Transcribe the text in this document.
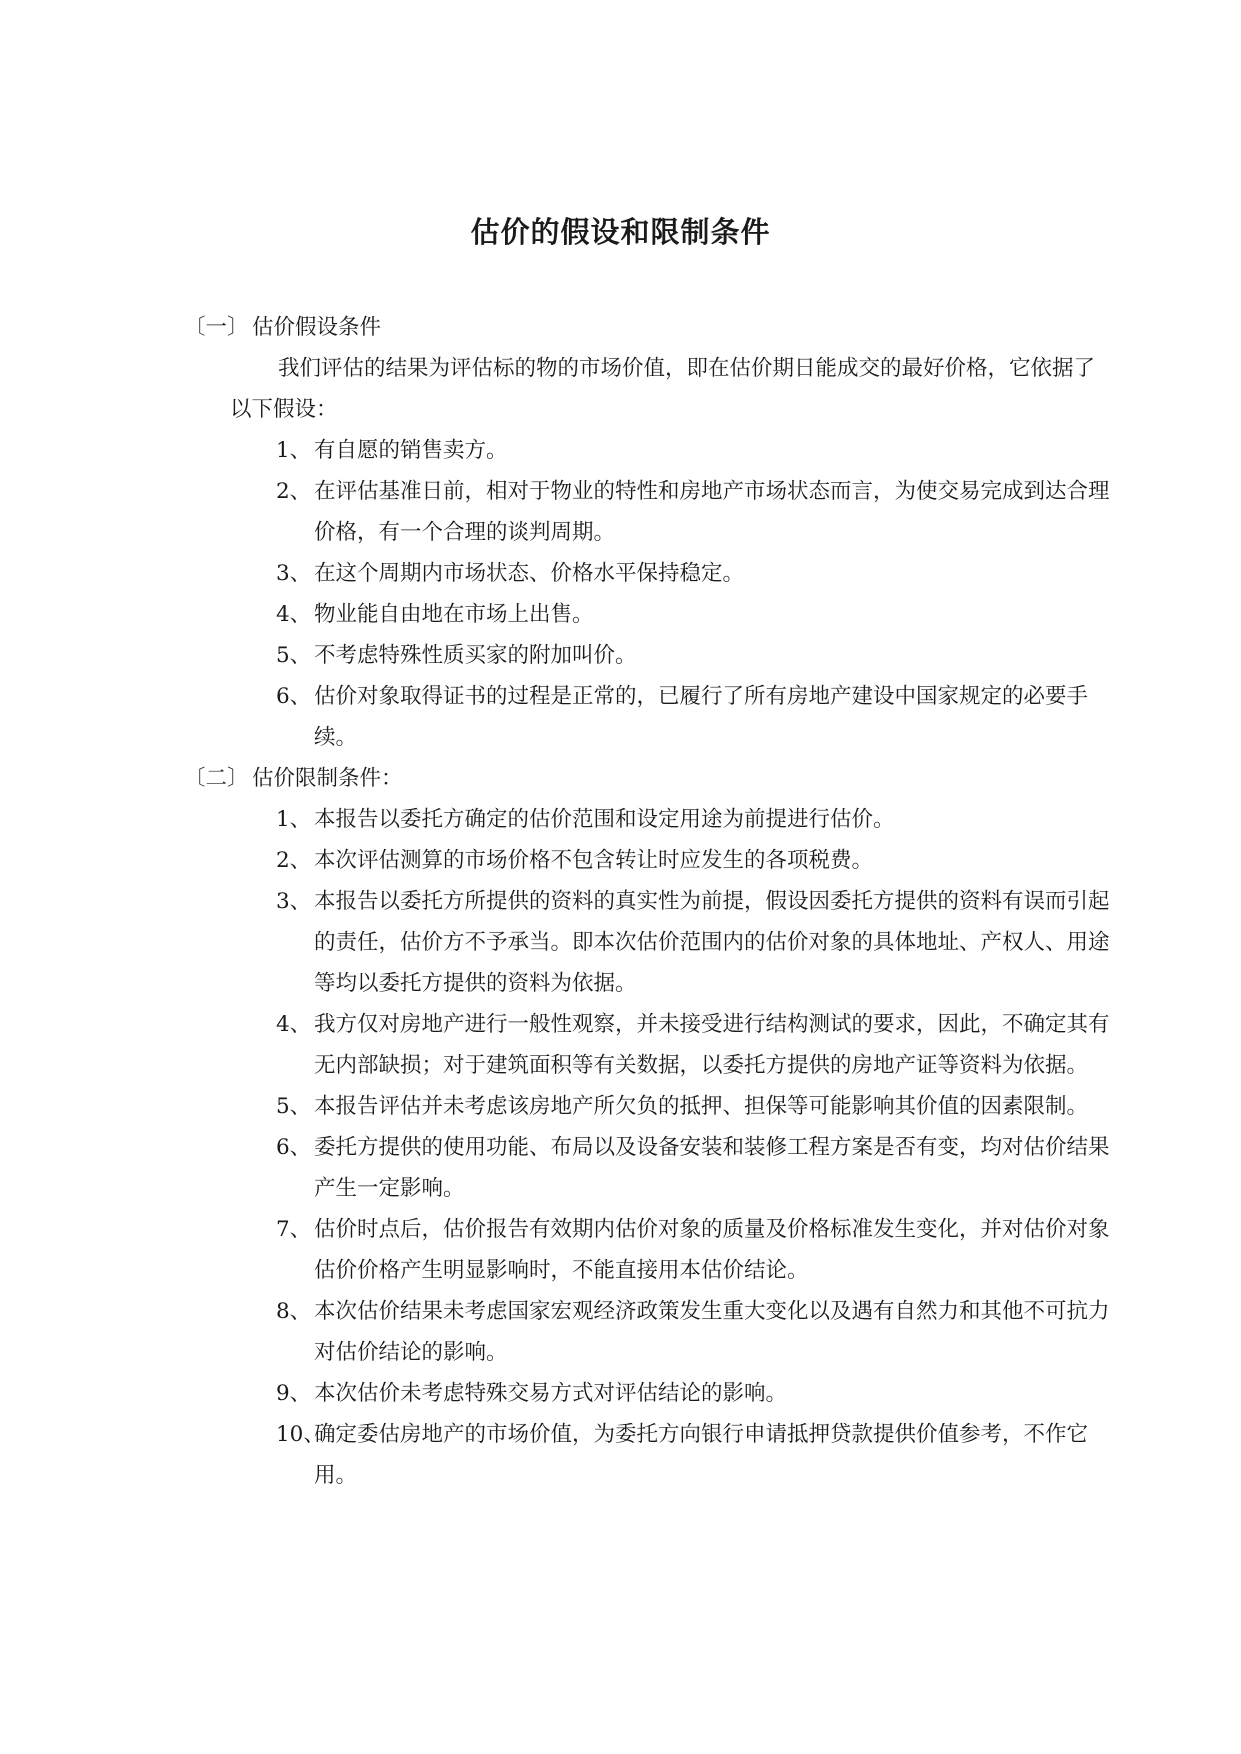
估价的假设和限制条件
〔一〕 估价假设条件
我们评估的结果为评估标的物的市场价值，即在估价期日能成交的最好价格，它依据了以下假设：
1、 有自愿的销售卖方。
2、 在评估基准日前，相对于物业的特性和房地产市场状态而言，为使交易完成到达合理价格，有一个合理的谈判周期。
3、 在这个周期内市场状态、价格水平保持稳定。
4、 物业能自由地在市场上出售。
5、 不考虑特殊性质买家的附加叫价。
6、 估价对象取得证书的过程是正常的，已履行了所有房地产建设中国家规定的必要手续。
〔二〕 估价限制条件：
1、 本报告以委托方确定的估价范围和设定用途为前提进行估价。
2、 本次评估测算的市场价格不包含转让时应发生的各项税费。
3、 本报告以委托方所提供的资料的真实性为前提，假设因委托方提供的资料有误而引起的责任，估价方不予承当。即本次估价范围内的估价对象的具体地址、产权人、用途等均以委托方提供的资料为依据。
4、 我方仅对房地产进行一般性观察，并未接受进行结构测试的要求，因此，不确定其有无内部缺损；对于建筑面积等有关数据，以委托方提供的房地产证等资料为依据。
5、 本报告评估并未考虑该房地产所欠负的抵押、担保等可能影响其价值的因素限制。
6、 委托方提供的使用功能、布局以及设备安装和装修工程方案是否有变，均对估价结果产生一定影响。
7、 估价时点后，估价报告有效期内估价对象的质量及价格标准发生变化，并对估价对象估价价格产生明显影响时，不能直接用本估价结论。
8、 本次估价结果未考虑国家宏观经济政策发生重大变化以及遇有自然力和其他不可抗力对估价结论的影响。
9、 本次估价未考虑特殊交易方式对评估结论的影响。
10、
确定委估房地产的市场价值，为委托方向银行申请抵押贷款提供价值参考，不作它用。
